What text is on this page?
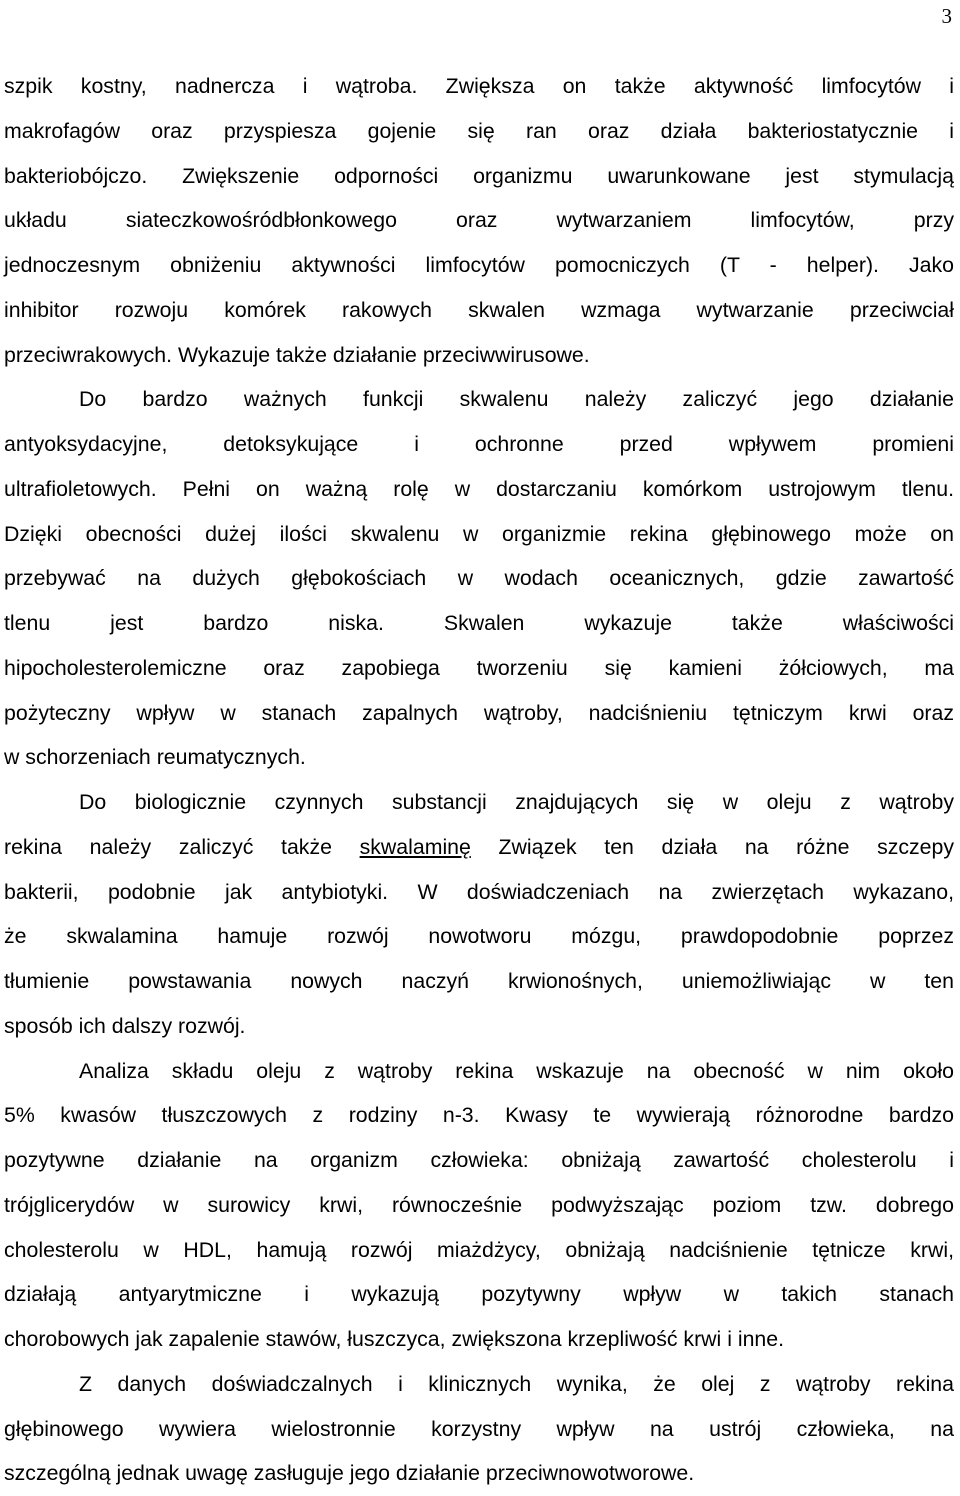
3
szpik kostny, nadnercza i wątroba. Zwiększa on także aktywność limfocytów i
makrofagów oraz przyspiesza gojenie się ran oraz działa bakteriostatycznie i
bakteriobójczo. Zwiększenie odporności organizmu uwarunkowane jest stymulacją
układu siateczkowośródbłonkowego oraz wytwarzaniem limfocytów, przy
jednoczesnym obniżeniu aktywności limfocytów pomocniczych (T - helper). Jako
inhibitor rozwoju komórek rakowych skwalen wzmaga wytwarzanie przeciwciał
przeciwrakowych. Wykazuje także działanie przeciwwirusowe.
Do bardzo ważnych funkcji skwalenu należy zaliczyć jego działanie
antyoksydacyjne, detoksykujące i ochronne przed wpływem promieni
ultrafioletowych. Pełni on ważną rolę w dostarczaniu komórkom ustrojowym tlenu.
Dzięki obecności dużej ilości skwalenu w organizmie rekina głębinowego może on
przebywać na dużych głębokościach w wodach oceanicznych, gdzie zawartość
tlenu jest bardzo niska. Skwalen wykazuje także właściwości
hipocholesterolemiczne oraz zapobiega tworzeniu się kamieni żółciowych, ma
pożyteczny wpływ w stanach zapalnych wątroby, nadciśnieniu tętniczym krwi oraz
w schorzeniach reumatycznych.
Do biologicznie czynnych substancji znajdujących się w oleju z wątroby
rekina należy zaliczyć także skwalaminę Związek ten działa na różne szczepy
bakterii, podobnie jak antybiotyki. W doświadczeniach na zwierzętach wykazano,
że skwalamina hamuje rozwój nowotworu mózgu, prawdopodobnie poprzez
tłumienie powstawania nowych naczyń krwionośnych, uniemożliwiając w ten
sposób ich dalszy rozwój.
Analiza składu oleju z wątroby rekina wskazuje na obecność w nim około
5% kwasów tłuszczowych z rodziny n-3. Kwasy te wywierają różnorodne bardzo
pozytywne działanie na organizm człowieka: obniżają zawartość cholesterolu i
trójglicerydów w surowicy krwi, równocześnie podwyższając poziom tzw. dobrego
cholesterolu w HDL, hamują rozwój miażdżycy, obniżają nadciśnienie tętnicze krwi,
działają antyarytmiczne i wykazują pozytywny wpływ w takich stanach
chorobowych jak zapalenie stawów, łuszczyca, zwiększona krzepliwość krwi i inne.
Z danych doświadczalnych i klinicznych wynika, że olej z wątroby rekina
głębinowego wywiera wielostronnie korzystny wpływ na ustrój człowieka, na
szczególną jednak uwagę zasługuje jego działanie przeciwnowotworowe.
